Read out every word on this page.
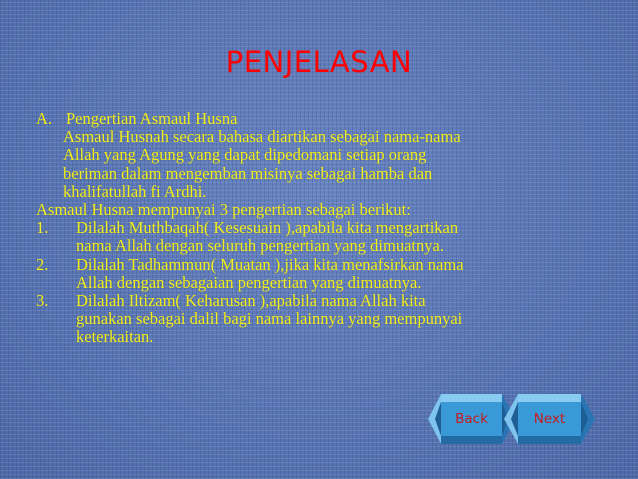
PENJELASAN
A. Pengertian Asmaul Husna
Asmaul Husnah secara bahasa diartikan sebagai nama-nama
Allah yang Agung yang dapat dipedomani setiap orang
beriman dalam mengemban misinya sebagai hamba dan
khalifatullah fi Ardhi.
Asmaul Husna mempunyai 3 pengertian sebagai berikut:
1. Dilalah Muthbaqah( Kesesuain ),apabila kita mengartikan
nama Allah dengan seluruh pengertian yang dimuatnya.
2. Dilalah Tadhammun( Muatan ),jika kita menafsirkan nama
Allah dengan sebagaian pengertian yang dimuatnya.
3. Dilalah Iltizam( Keharusan ),apabila nama Allah kita
gunakan sebagai dalil bagi nama lainnya yang mempunyai
keterkaitan.
Back	Next
